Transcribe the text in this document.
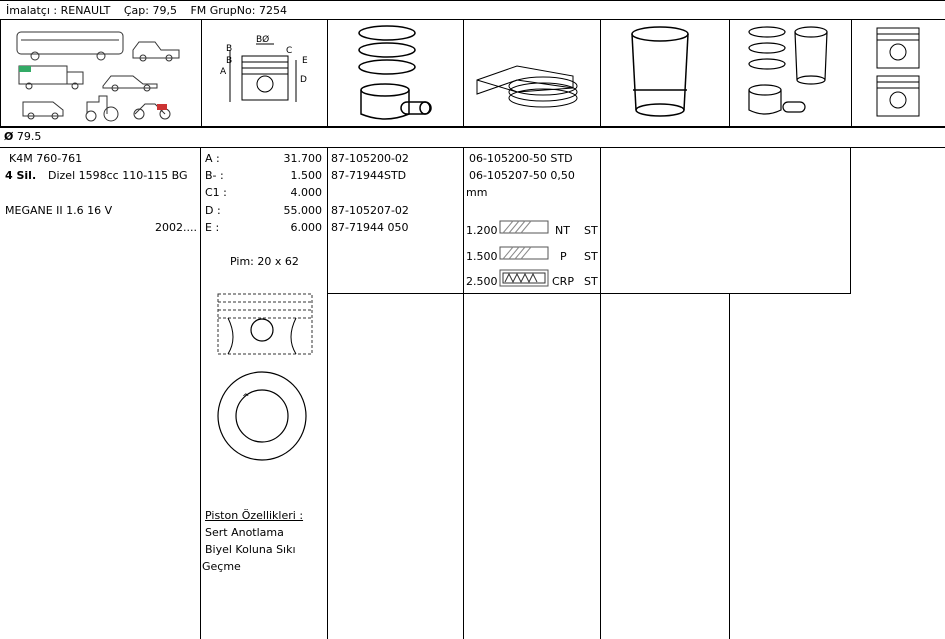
İmalatçı : RENAULT Çap: 79,5 FM GrupNo: 7254
A
B
B
BØ
C
D
E
Ø 79.5
K4M 760-761
4 Sil. Dizel 1598cc 110-115 BG
MEGANE II 1.6 16 V
2002....
A :	31.700
B- :	1.500
C1 :	4.000
D :	55.000
E :	6.000
Pim: 20 x 62
^
Piston Özellikleri :
Sert Anotlama
Biyel Koluna Sıkı
Geçme
87-105200-02
87-71944STD
87-105207-02
87-71944 050
06-105200-50 STD
06-105207-50 0,50
mm
1.200	NT ST
1.500	P ST
2.500	CRP ST
